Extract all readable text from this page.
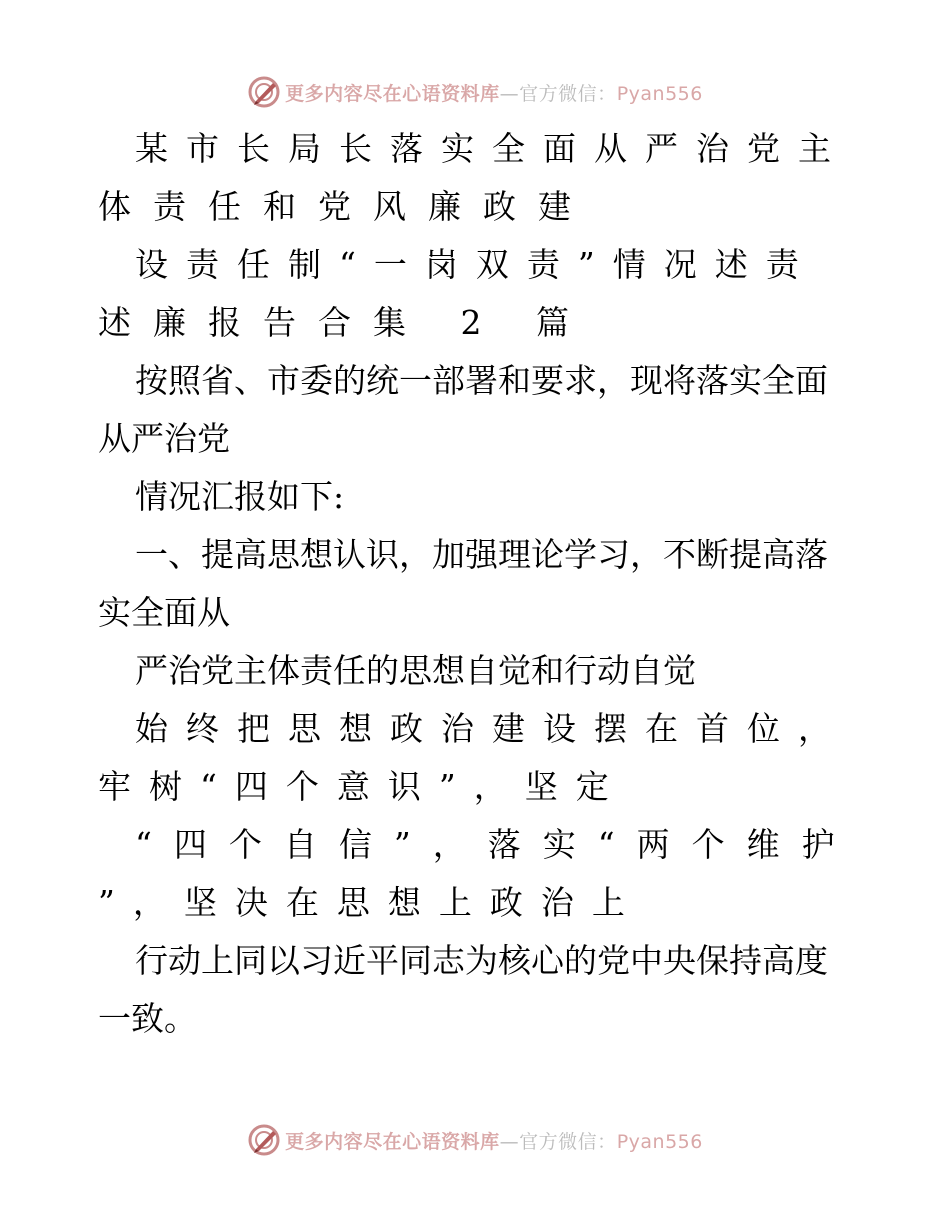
更多内容尽在心语资料库—官方微信：Pyan556
某市长局长落实全面从严治党主
体责任和党风廉政建
设责任制“一岗双责”情况述责
述廉报告合集 2 篇
按照省、市委的统一部署和要求，现将落实全面
从严治党
情况汇报如下:
一、提高思想认识，加强理论学习，不断提高落
实全面从
严治党主体责任的思想自觉和行动自觉
始终把思想政治建设摆在首位，
牢树“四个意识”，坚定
“四个自信”，落实“两个维护
”，坚决在思想上政治上
行动上同以习近平同志为核心的党中央保持高度
一致。
更多内容尽在心语资料库—官方微信：Pyan556
